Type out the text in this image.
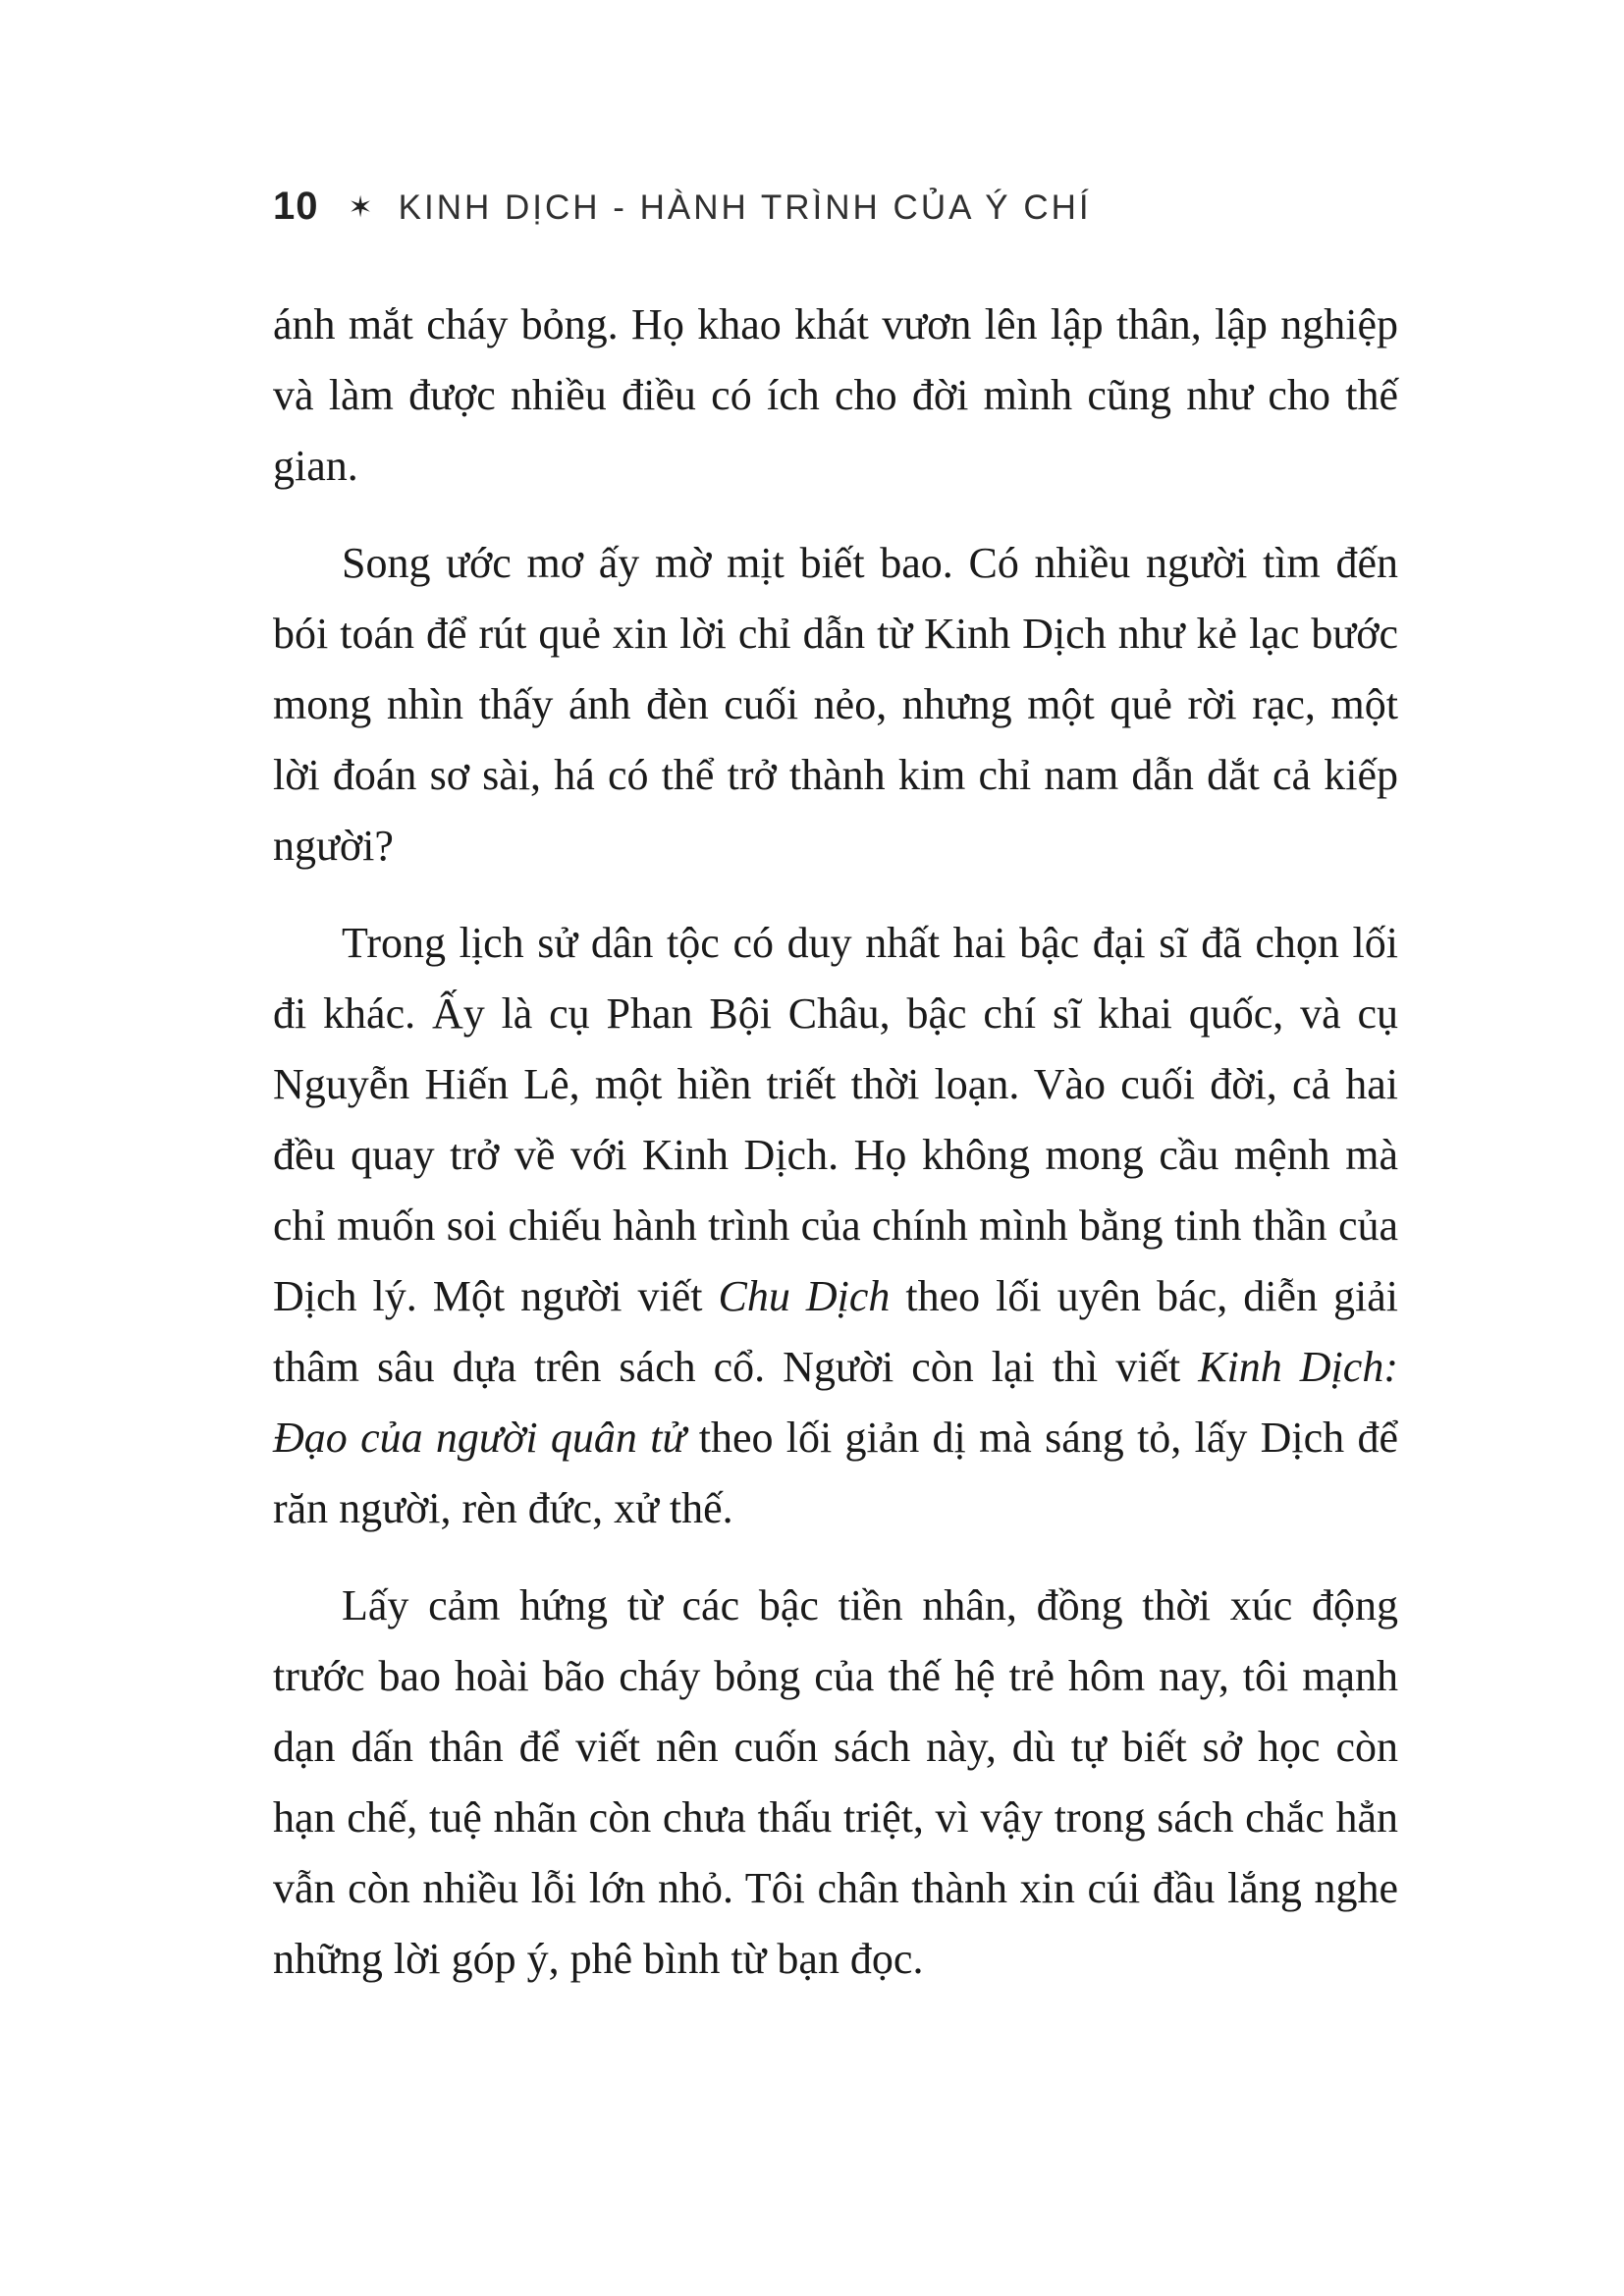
10 ✶ KINH DỊCH - HÀNH TRÌNH CỦA Ý CHÍ

ánh mắt cháy bỏng. Họ khao khát vươn lên lập thân, lập nghiệp và làm được nhiều điều có ích cho đời mình cũng như cho thế gian.

Song ước mơ ấy mờ mịt biết bao. Có nhiều người tìm đến bói toán để rút quẻ xin lời chỉ dẫn từ Kinh Dịch như kẻ lạc bước mong nhìn thấy ánh đèn cuối nẻo, nhưng một quẻ rời rạc, một lời đoán sơ sài, há có thể trở thành kim chỉ nam dẫn dắt cả kiếp người?

Trong lịch sử dân tộc có duy nhất hai bậc đại sĩ đã chọn lối đi khác. Ấy là cụ Phan Bội Châu, bậc chí sĩ khai quốc, và cụ Nguyễn Hiến Lê, một hiền triết thời loạn. Vào cuối đời, cả hai đều quay trở về với Kinh Dịch. Họ không mong cầu mệnh mà chỉ muốn soi chiếu hành trình của chính mình bằng tinh thần của Dịch lý. Một người viết Chu Dịch theo lối uyên bác, diễn giải thâm sâu dựa trên sách cổ. Người còn lại thì viết Kinh Dịch: Đạo của người quân tử theo lối giản dị mà sáng tỏ, lấy Dịch để răn người, rèn đức, xử thế.

Lấy cảm hứng từ các bậc tiền nhân, đồng thời xúc động trước bao hoài bão cháy bỏng của thế hệ trẻ hôm nay, tôi mạnh dạn dấn thân để viết nên cuốn sách này, dù tự biết sở học còn hạn chế, tuệ nhãn còn chưa thấu triệt, vì vậy trong sách chắc hẳn vẫn còn nhiều lỗi lớn nhỏ. Tôi chân thành xin cúi đầu lắng nghe những lời góp ý, phê bình từ bạn đọc.
